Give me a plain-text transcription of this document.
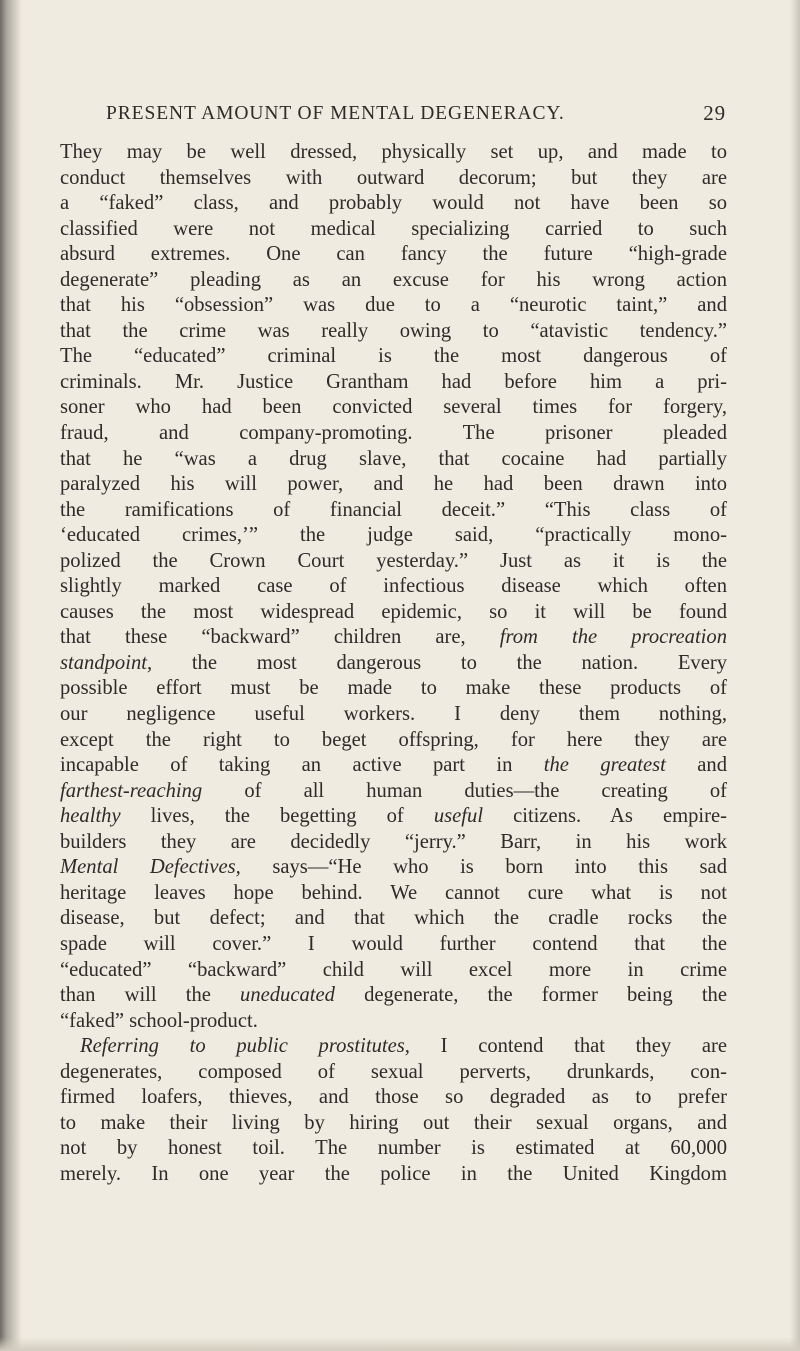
PRESENT AMOUNT OF MENTAL DEGENERACY.	29
They may be well dressed, physically set up, and made to
conduct themselves with outward decorum; but they are
a “faked” class, and probably would not have been so
classified were not medical specializing carried to such
absurd extremes. One can fancy the future “high-grade
degenerate” pleading as an excuse for his wrong action
that his “obsession” was due to a “neurotic taint,” and
that the crime was really owing to “atavistic tendency.”
The “educated” criminal is the most dangerous of
criminals. Mr. Justice Grantham had before him a pri-
soner who had been convicted several times for forgery,
fraud, and company-promoting. The prisoner pleaded
that he “was a drug slave, that cocaine had partially
paralyzed his will power, and he had been drawn into
the ramifications of financial deceit.” “This class of
‘educated crimes,’” the judge said, “practically mono-
polized the Crown Court yesterday.” Just as it is the
slightly marked case of infectious disease which often
causes the most widespread epidemic, so it will be found
that these “backward” children are, from the procreation
standpoint, the most dangerous to the nation. Every
possible effort must be made to make these products of
our negligence useful workers. I deny them nothing,
except the right to beget offspring, for here they are
incapable of taking an active part in the greatest and
farthest-reaching of all human duties—the creating of
healthy lives, the begetting of useful citizens. As empire-
builders they are decidedly “jerry.” Barr, in his work
Mental Defectives, says—“He who is born into this sad
heritage leaves hope behind. We cannot cure what is not
disease, but defect; and that which the cradle rocks the
spade will cover.” I would further contend that the
“educated” “backward” child will excel more in crime
than will the uneducated degenerate, the former being the
“faked” school-product.
Referring to public prostitutes, I contend that they are
degenerates, composed of sexual perverts, drunkards, con-
firmed loafers, thieves, and those so degraded as to prefer
to make their living by hiring out their sexual organs, and
not by honest toil. The number is estimated at 60,000
merely. In one year the police in the United Kingdom
